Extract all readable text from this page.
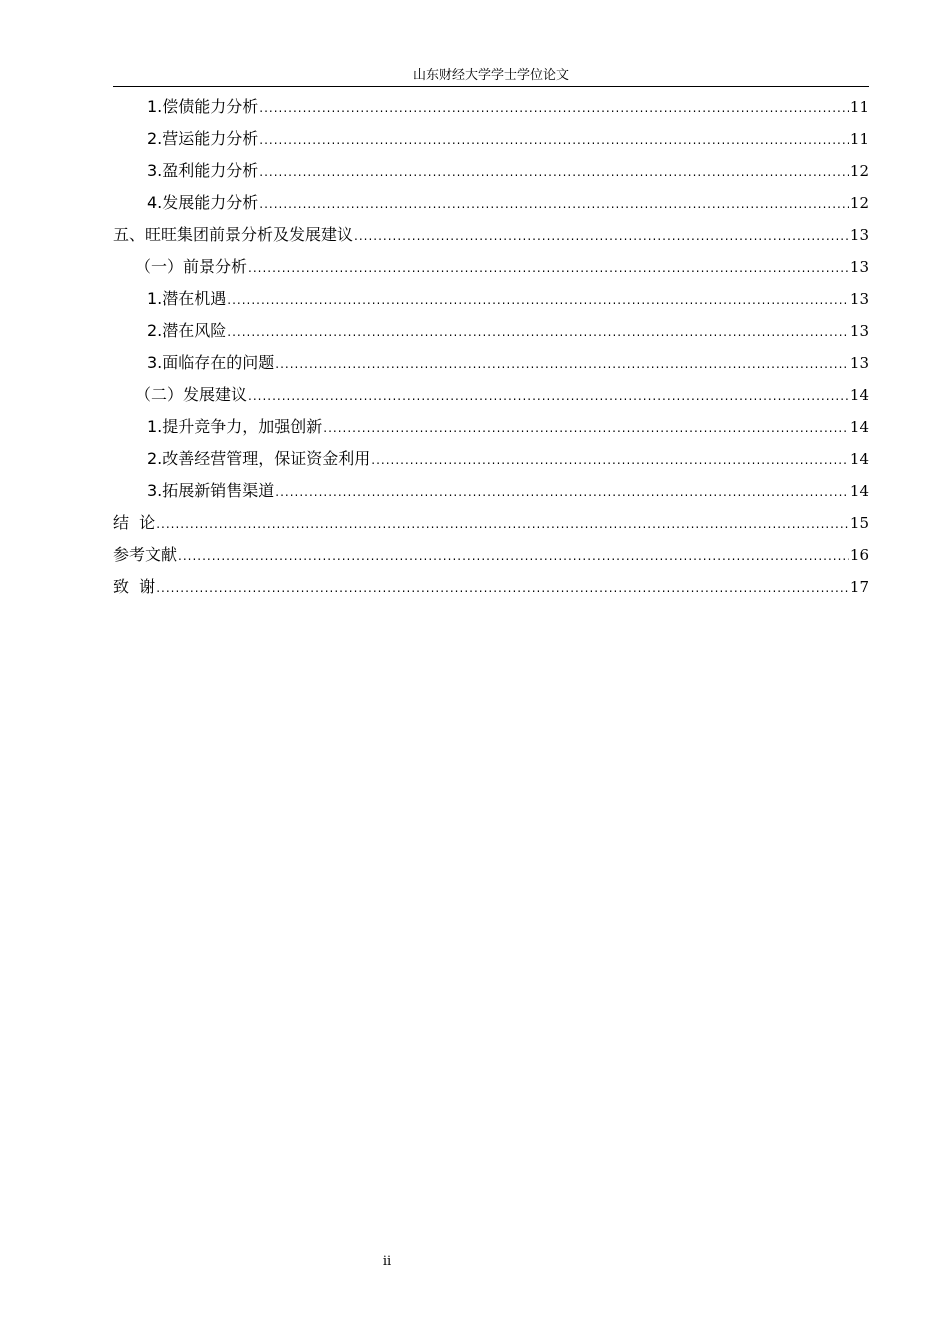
山东财经大学学士学位论文
1.偿债能力分析 .....	11
2.营运能力分析 .....	11
3.盈利能力分析 .....	12
4.发展能力分析 .....	12
五、旺旺集团前景分析及发展建议 .....	13
（一）前景分析 .....	13
1.潜在机遇 .....	13
2.潜在风险 .....	13
3.面临存在的问题 .....	13
（二）发展建议 .....	14
1.提升竞争力，加强创新 .....	14
2.改善经营管理，保证资金利用 .....	14
3.拓展新销售渠道 .....	14
结  论 .....	15
参考文献 .....	16
致  谢 .....	17
ii
